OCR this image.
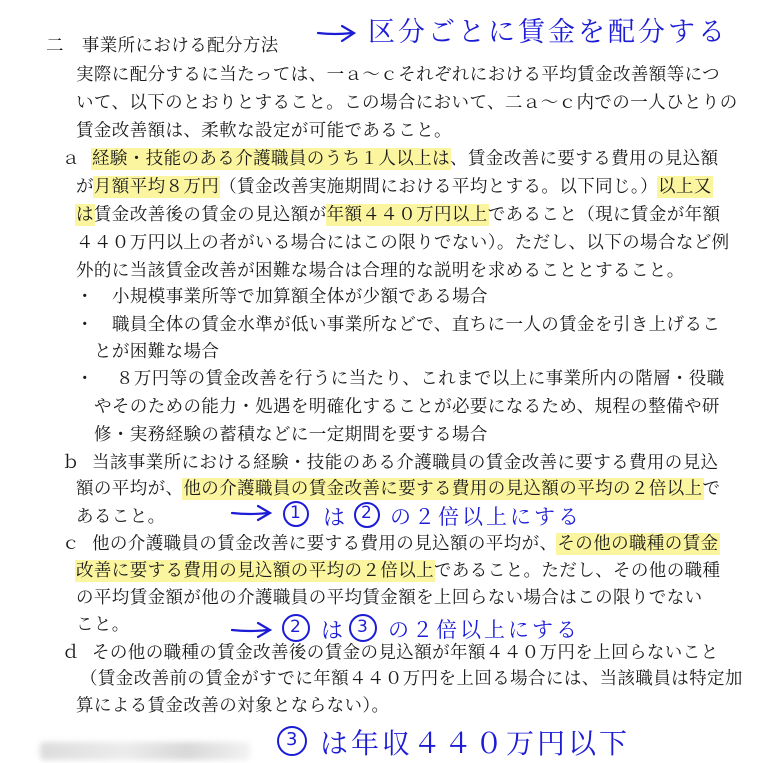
二　事業所における配分方法
実際に配分するに当たっては、一ａ～ｃそれぞれにおける平均賃金改善額等につ
いて、以下のとおりとすること。この場合において、二ａ～ｃ内での一人ひとりの
賃金改善額は、柔軟な設定が可能であること。
ａ 経験・技能のある介護職員のうち１人以上は、賃金改善に要する費用の見込額
が月額平均８万円（賃金改善実施期間における平均とする。以下同じ。）以上又
は賃金改善後の賃金の見込額が年額４４０万円以上であること（現に賃金が年額
４４０万円以上の者がいる場合にはこの限りでない）。ただし、以下の場合など例
外的に当該賃金改善が困難な場合は合理的な説明を求めることとすること。
・ 小規模事業所等で加算額全体が少額である場合
・ 職員全体の賃金水準が低い事業所などで、直ちに一人の賃金を引き上げるこ
とが困難な場合
・ ８万円等の賃金改善を行うに当たり、これまで以上に事業所内の階層・役職
やそのための能力・処遇を明確化することが必要になるため、規程の整備や研
修・実務経験の蓄積などに一定期間を要する場合
ｂ 当該事業所における経験・技能のある介護職員の賃金改善に要する費用の見込
額の平均が、他の介護職員の賃金改善に要する費用の見込額の平均の２倍以上で
あること。
ｃ 他の介護職員の賃金改善に要する費用の見込額の平均が、その他の職種の賃金
改善に要する費用の見込額の平均の２倍以上であること。ただし、その他の職種
の平均賃金額が他の介護職員の平均賃金額を上回らない場合はこの限りでない
こと。
ｄ その他の職種の賃金改善後の賃金の見込額が年額４４０万円を上回らないこと
（賃金改善前の賃金がすでに年額４４０万円を上回る場合には、当該職員は特定加
算による賃金改善の対象とならない）。
区分ごとに賃金を配分する
1 は 2 の２倍以上にする
2 は 3 の２倍以上にする
3 は年収４４０万円以下
